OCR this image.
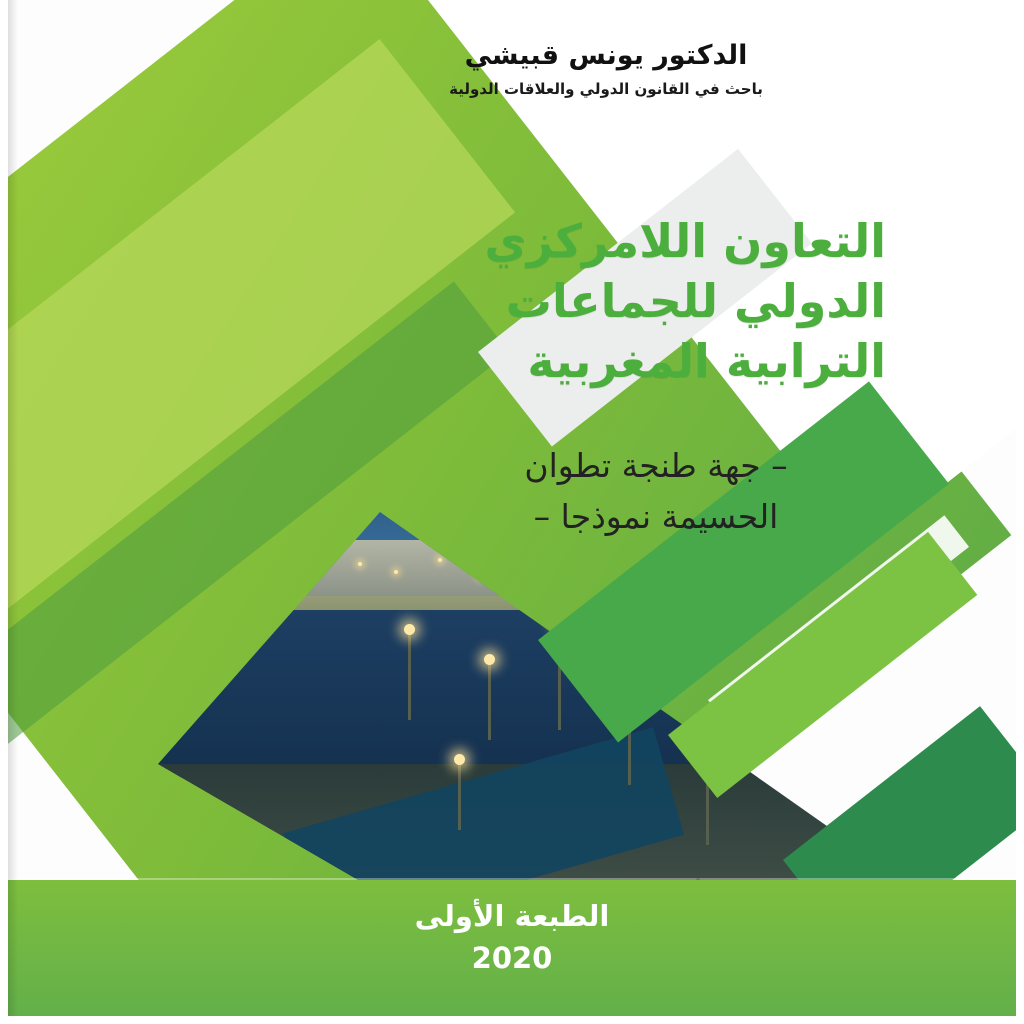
الدكتور يونس قبيشي
باحث في القانون الدولي والعلاقات الدولية
التعاون اللامركزي
الدولي للجماعات
الترابية المغربية
– جهة طنجة تطوان
الحسيمة نموذجا –
الطبعة الأولى
2020
